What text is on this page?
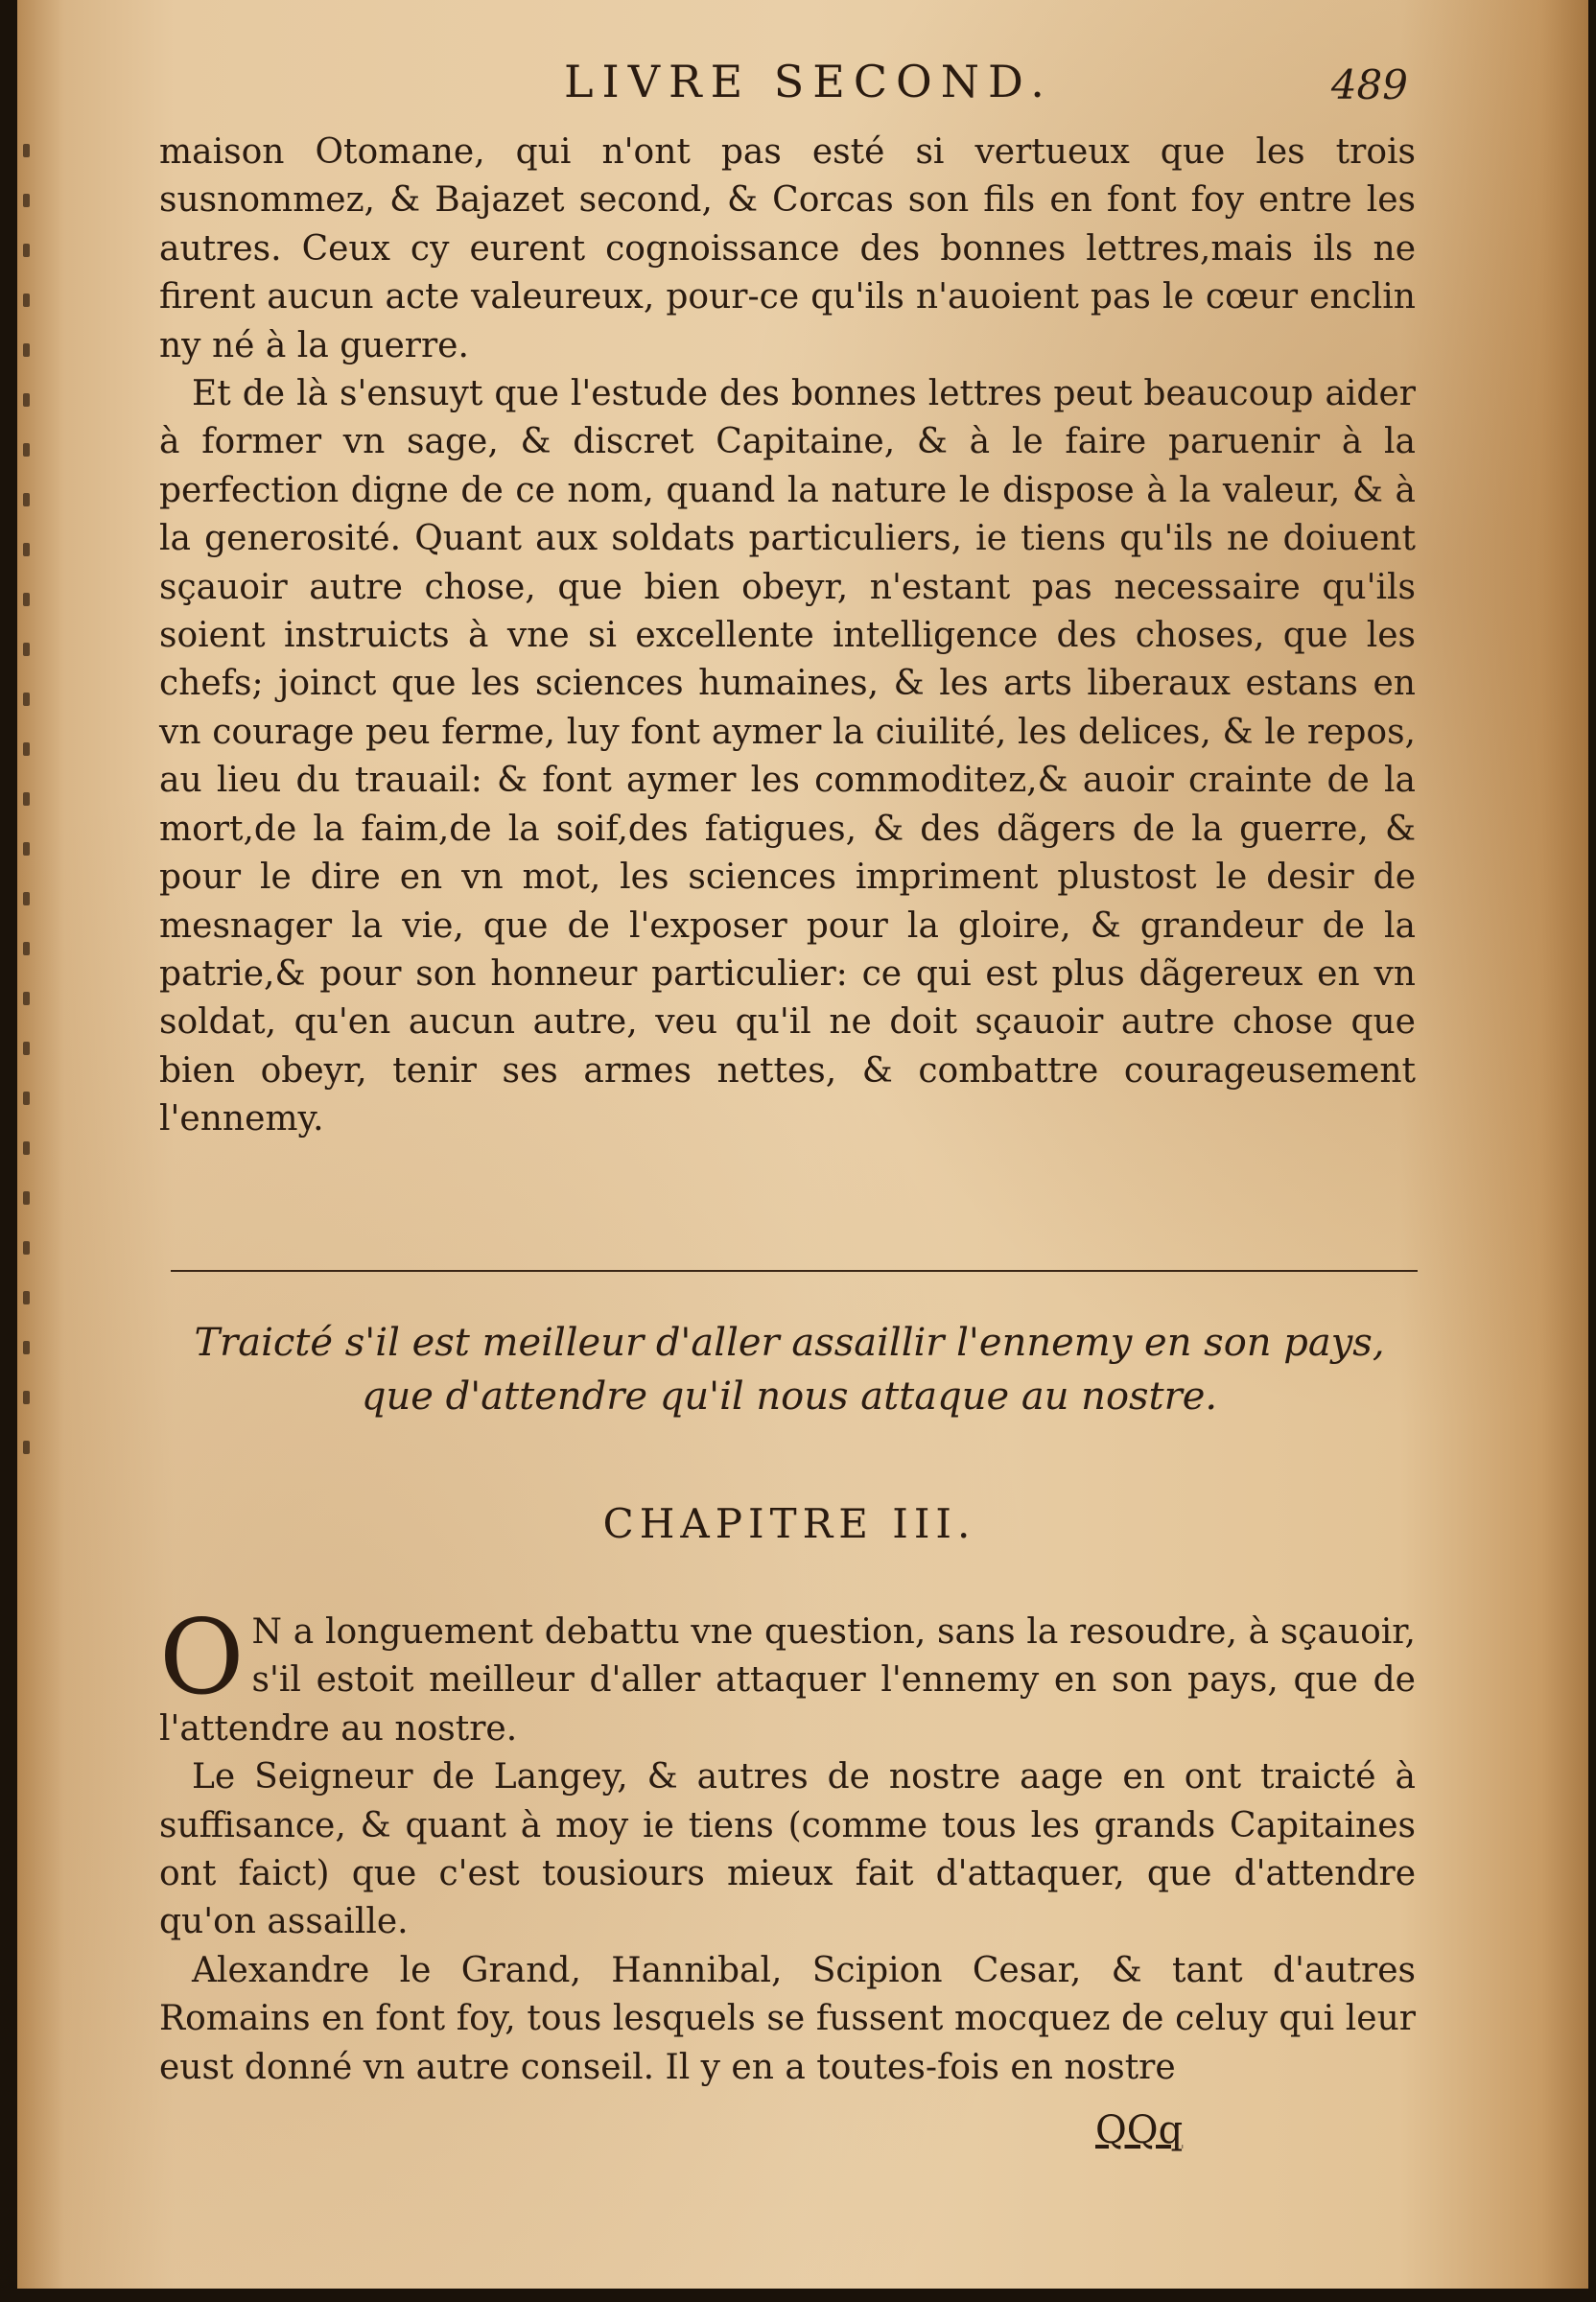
LIVRE SECOND.	489

maison Otomane, qui n'ont pas esté si vertueux que les trois susnommez, & Bajazet second, & Corcas son fils en font foy entre les autres. Ceux cy eurent cognoissance des bonnes lettres,mais ils ne firent aucun acte valeureux, pour-ce qu'ils n'auoient pas le cœur enclin ny né à la guerre.

Et de là s'ensuyt que l'estude des bonnes lettres peut beaucoup aider à former vn sage, & discret Capitaine, & à le faire paruenir à la perfection digne de ce nom, quand la nature le dispose à la valeur, & à la generosité. Quant aux soldats particuliers, ie tiens qu'ils ne doiuent sçauoir autre chose, que bien obeyr, n'estant pas necessaire qu'ils soient instruicts à vne si excellente intelligence des choses, que les chefs; joinct que les sciences humaines, & les arts liberaux estans en vn courage peu ferme, luy font aymer la ciuilité, les delices, & le repos, au lieu du trauail: & font aymer les commoditez,& auoir crainte de la mort,de la faim,de la soif,des fatigues, & des dãgers de la guerre, & pour le dire en vn mot, les sciences impriment plustost le desir de mesnager la vie, que de l'exposer pour la gloire, & grandeur de la patrie,& pour son honneur particulier: ce qui est plus dãgereux en vn soldat, qu'en aucun autre, veu qu'il ne doit sçauoir autre chose que bien obeyr, tenir ses armes nettes, & combattre courageusement l'ennemy.

Traicté s'il est meilleur d'aller assaillir l'ennemy en son pays,
que d'attendre qu'il nous attaque au nostre.
CHAPITRE III.

O N a longuement debattu vne question, sans la resoudre, à sçauoir, s'il estoit meilleur d'aller attaquer l'ennemy en son pays, que de l'attendre au nostre.

Le Seigneur de Langey, & autres de nostre aage en ont traicté à suffisance, & quant à moy ie tiens (comme tous les grands Capitaines ont faict) que c'est tousiours mieux fait d'attaquer, que d'attendre qu'on assaille.

Alexandre le Grand, Hannibal, Scipion Cesar, & tant d'autres Romains en font foy, tous lesquels se fussent mocquez de celuy qui leur eust donné vn autre conseil. Il y en a toutes-fois en nostre

QQq
